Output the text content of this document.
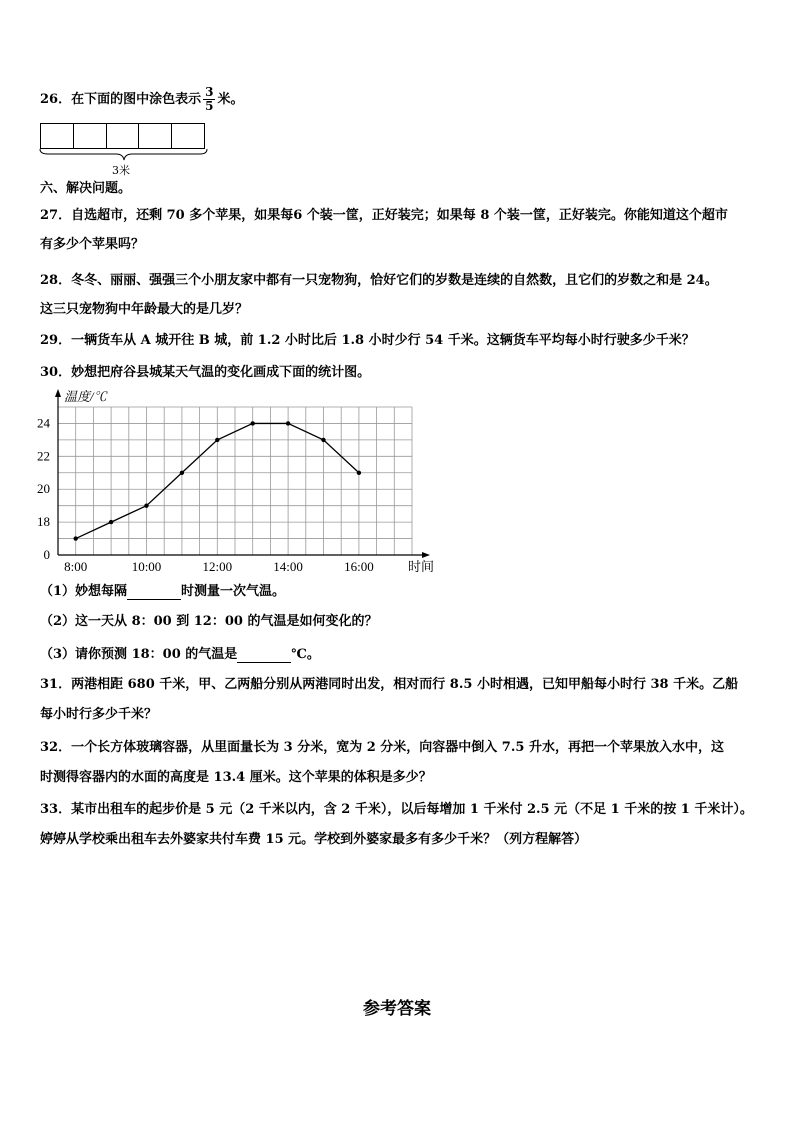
26．在下面的图中涂色表示 $\frac{3}{5}$ 米。
3米
六、解决问题。
27．自选超市，还剩 70 多个苹果，如果每6 个装一筐，正好装完；如果每 8 个装一筐，正好装完。你能知道这个超市
有多少个苹果吗？
28．冬冬、丽丽、强强三个小朋友家中都有一只宠物狗，恰好它们的岁数是连续的自然数，且它们的岁数之和是 24。
这三只宠物狗中年龄最大的是几岁？
29．一辆货车从 A 城开往 B 城，前 1.2 小时比后 1.8 小时少行 54 千米。这辆货车平均每小时行驶多少千米？
30．妙想把府谷县城某天气温的变化画成下面的统计图。
0
18
20
22
24
8:00	10:00	12:00	14:00	16:00
温度/℃
时间
（1）妙想每隔	时测量一次气温。
（2）这一天从 8：00 到 12：00 的气温是如何变化的？
（3）请你预测 18：00 的气温是	℃。
31．两港相距 680 千米，甲、乙两船分别从两港同时出发，相对而行 8.5 小时相遇，已知甲船每小时行 38 千米。乙船
每小时行多少千米？
32．一个长方体玻璃容器，从里面量长为 3 分米，宽为 2 分米，向容器中倒入 7.5 升水，再把一个苹果放入水中，这
时测得容器内的水面的高度是 13.4 厘米。这个苹果的体积是多少？
33．某市出租车的起步价是 5 元（2 千米以内，含 2 千米），以后每增加 1 千米付 2.5 元（不足 1 千米的按 1 千米计）。
婷婷从学校乘出租车去外婆家共付车费 15 元。学校到外婆家最多有多少千米？（列方程解答）
参考答案
